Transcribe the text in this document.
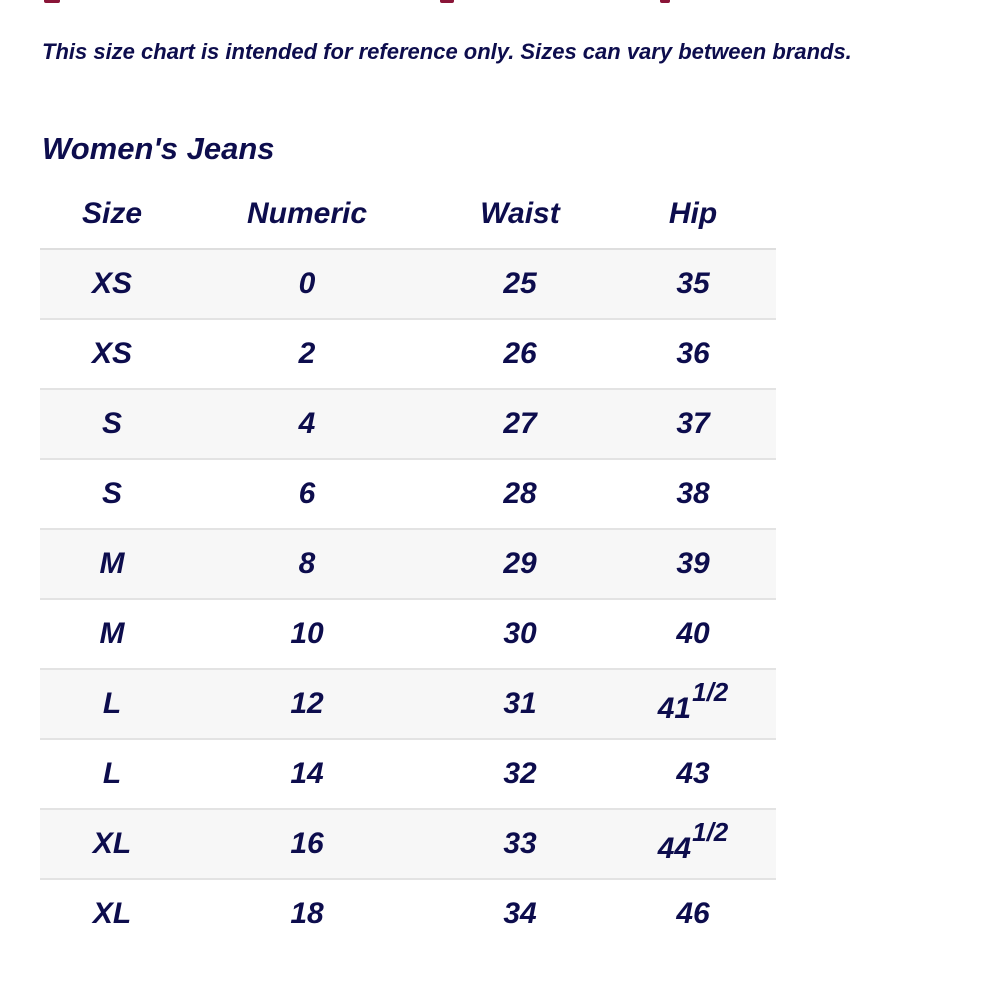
This size chart is intended for reference only. Sizes can vary between brands.
Women's Jeans
Size	Numeric	Waist	Hip
XS	0	25	35
XS	2	26	36
S	4	27	37
S	6	28	38
M	8	29	39
M	10	30	40
L	12	31	$41^{1/2}$
L	14	32	43
XL	16	33	$44^{1/2}$
XL	18	34	46
